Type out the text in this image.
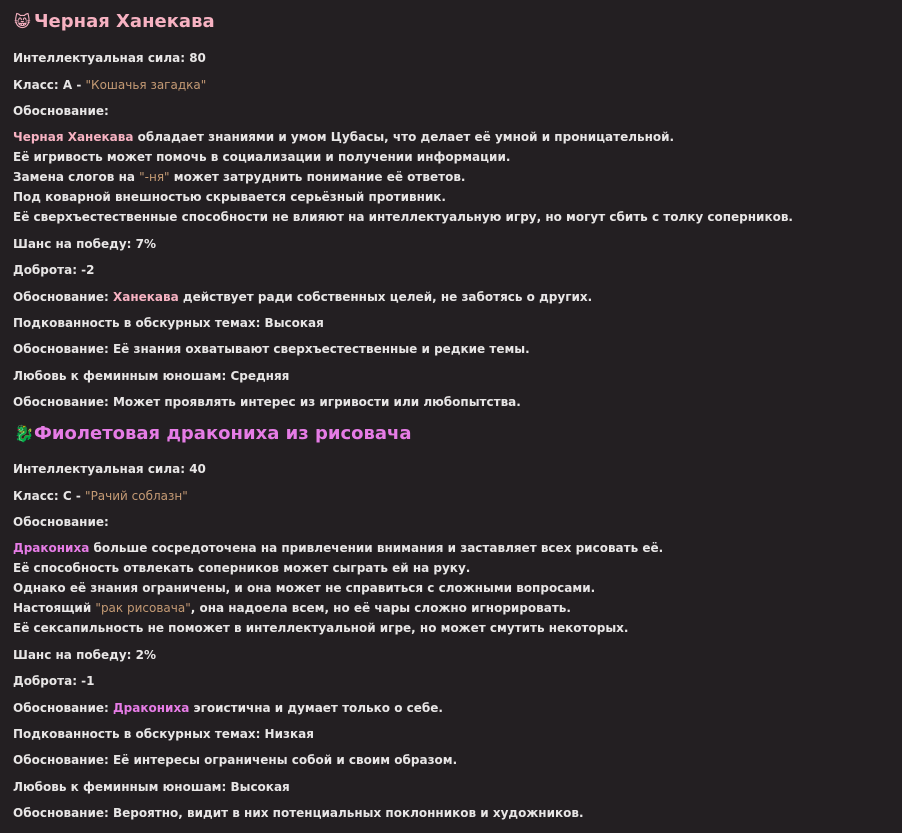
😸 Черная Ханекава
Интеллектуальная сила: 80
Класс: A - "Кошачья загадка"
Обоснование:
Черная Ханекава обладает знаниями и умом Цубасы, что делает её умной и проницательной.
Её игривость может помочь в социализации и получении информации.
Замена слогов на "-ня" может затруднить понимание её ответов.
Под коварной внешностью скрывается серьёзный противник.
Её сверхъестественные способности не влияют на интеллектуальную игру, но могут сбить с толку соперников.
Шанс на победу: 7%
Доброта: -2
Обоснование: Ханекава действует ради собственных целей, не заботясь о других.
Подкованность в обскурных темах: Высокая
Обоснование: Её знания охватывают сверхъестественные и редкие темы.
Любовь к феминным юношам: Средняя
Обоснование: Может проявлять интерес из игривости или любопытства.
🐉Фиолетовая дракониха из рисовача
Интеллектуальная сила: 40
Класс: C - "Рачий соблазн"
Обоснование:
Дракониха больше сосредоточена на привлечении внимания и заставляет всех рисовать её.
Её способность отвлекать соперников может сыграть ей на руку.
Однако её знания ограничены, и она может не справиться с сложными вопросами.
Настоящий "рак рисовача", она надоела всем, но её чары сложно игнорировать.
Её сексапильность не поможет в интеллектуальной игре, но может смутить некоторых.
Шанс на победу: 2%
Доброта: -1
Обоснование: Дракониха эгоистична и думает только о себе.
Подкованность в обскурных темах: Низкая
Обоснование: Её интересы ограничены собой и своим образом.
Любовь к феминным юношам: Высокая
Обоснование: Вероятно, видит в них потенциальных поклонников и художников.
